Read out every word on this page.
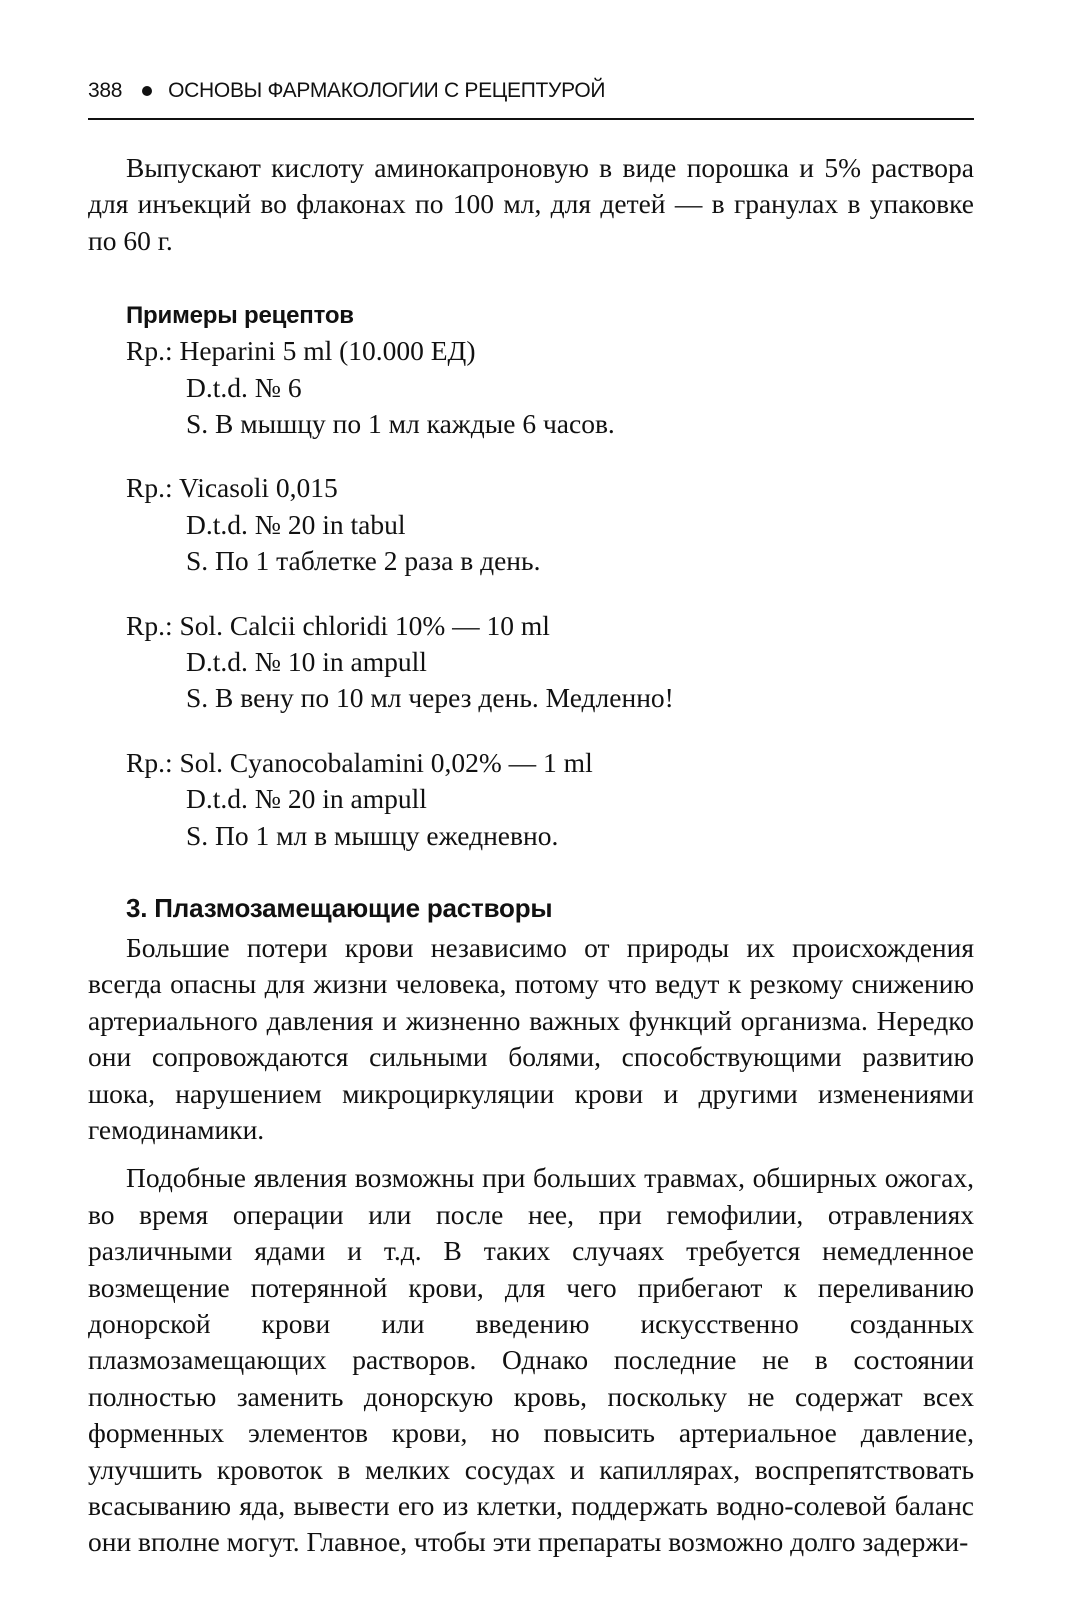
388 ОСНОВЫ ФАРМАКОЛОГИИ С РЕЦЕПТУРОЙ

Выпускают кислоту аминокапроновую в виде порошка и 5% раствора для инъекций во флаконах по 100 мл, для детей — в гранулах в упаковке по 60 г.

Примеры рецептов
Rp.: Heparini 5 ml (10.000 ЕД)
D.t.d. № 6
S. В мышцу по 1 мл каждые 6 часов.
Rp.: Vicasoli 0,015
D.t.d. № 20 in tabul
S. По 1 таблетке 2 раза в день.
Rp.: Sol. Calcii chloridi 10% — 10 ml
D.t.d. № 10 in ampull
S. В вену по 10 мл через день. Медленно!
Rp.: Sol. Cyanocobalamini 0,02% — 1 ml
D.t.d. № 20 in ampull
S. По 1 мл в мышцу ежедневно.
3. Плазмозамещающие растворы

Большие потери крови независимо от природы их происхождения всегда опасны для жизни человека, потому что ведут к резкому снижению артериального давления и жизненно важных функций организма. Нередко они сопровождаются сильными болями, способствующими развитию шока, нарушением микроциркуляции крови и другими изменениями гемодинамики.

Подобные явления возможны при больших травмах, обширных ожогах, во время операции или после нее, при гемофилии, отравлениях различными ядами и т.д. В таких случаях требуется немедленное возмещение потерянной крови, для чего прибегают к переливанию донорской крови или введению искусственно созданных плазмозамещающих растворов. Однако последние не в состоянии полностью заменить донорскую кровь, поскольку не содержат всех форменных элементов крови, но повысить артериальное давление, улучшить кровоток в мелких сосудах и капиллярах, воспрепятствовать всасыванию яда, вывести его из клетки, поддержать водно-солевой баланс они вполне могут. Главное, чтобы эти препараты возможно долго задержи-
